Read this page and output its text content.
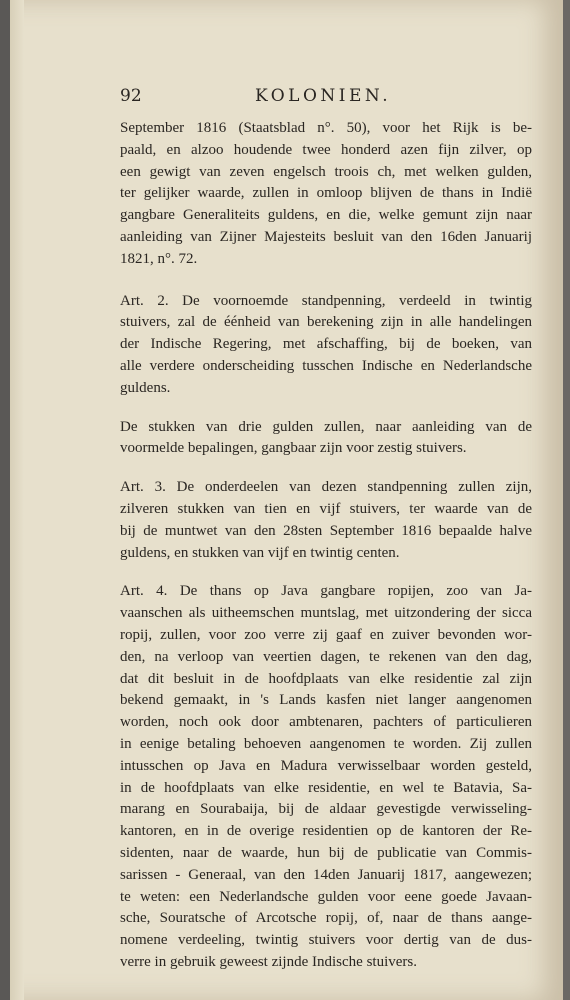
92	KOLONIEN.

September 1816 (Staatsblad n°. 50), voor het Rijk is be-

paald, en alzoo houdende twee honderd azen fijn zilver, op

een gewigt van zeven engelsch troois ch, met welken gulden,

ter gelijker waarde, zullen in omloop blijven de thans in Indië

gangbare Generaliteits guldens, en die, welke gemunt zijn naar

aanleiding van Zijner Majesteits besluit van den 16den Januarij

1821, n°. 72.

Art. 2. De voornoemde standpenning, verdeeld in twintig

stuivers, zal de éénheid van berekening zijn in alle handelingen

der Indische Regering, met afschaffing, bij de boeken, van

alle verdere onderscheiding tusschen Indische en Nederlandsche

guldens.

De stukken van drie gulden zullen, naar aanleiding van de

voormelde bepalingen, gangbaar zijn voor zestig stuivers.

Art. 3. De onderdeelen van dezen standpenning zullen zijn,

zilveren stukken van tien en vijf stuivers, ter waarde van de

bij de muntwet van den 28sten September 1816 bepaalde halve

guldens, en stukken van vijf en twintig centen.

Art. 4. De thans op Java gangbare ropijen, zoo van Ja-

vaanschen als uitheemschen muntslag, met uitzondering der sicca

ropij, zullen, voor zoo verre zij gaaf en zuiver bevonden wor-

den, na verloop van veertien dagen, te rekenen van den dag,

dat dit besluit in de hoofdplaats van elke residentie zal zijn

bekend gemaakt, in 's Lands kasfen niet langer aangenomen

worden, noch ook door ambtenaren, pachters of particulieren

in eenige betaling behoeven aangenomen te worden. Zij zullen

intusschen op Java en Madura verwisselbaar worden gesteld,

in de hoofdplaats van elke residentie, en wel te Batavia, Sa-

marang en Sourabaija, bij de aldaar gevestigde verwisseling-

kantoren, en in de overige residentien op de kantoren der Re-

sidenten, naar de waarde, hun bij de publicatie van Commis-

sarissen - Generaal, van den 14den Januarij 1817, aangewezen;

te weten: een Nederlandsche gulden voor eene goede Javaan-

sche, Souratsche of Arcotsche ropij, of, naar de thans aange-

nomene verdeeling, twintig stuivers voor dertig van de dus-

verre in gebruik geweest zijnde Indische stuivers.
